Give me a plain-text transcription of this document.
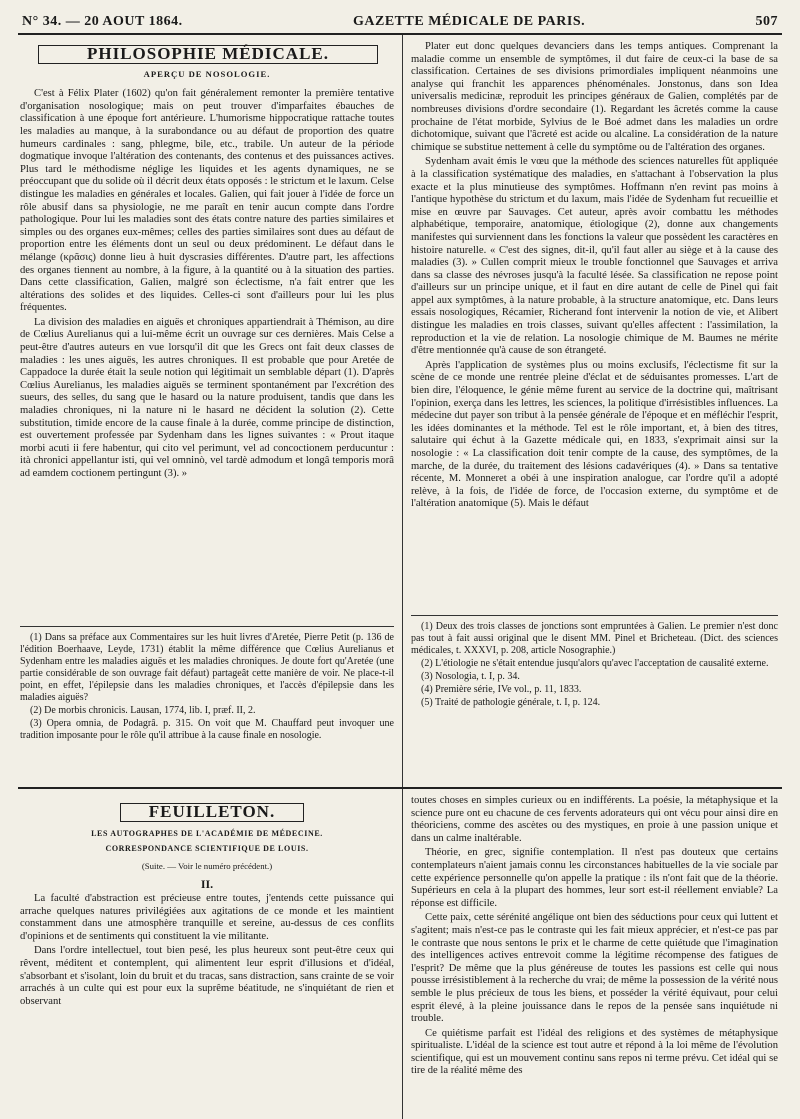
N° 34. — 20 AOUT 1864.	GAZETTE MÉDICALE DE PARIS.	507
PHILOSOPHIE MÉDICALE.
APERÇU DE NOSOLOGIE.

C'est à Félix Plater (1602) qu'on fait généralement remonter la première tentative d'organisation nosologique; mais on peut trouver d'imparfaites ébauches de classification à une époque fort antérieure. L'humorisme hippocratique rattache toutes les maladies au manque, à la surabondance ou au défaut de proportion des quatre humeurs cardinales : sang, phlegme, bile, etc., trabile. Un auteur de la période dogmatique invoque l'altération des contenants, des contenus et des puissances actives. Plus tard le méthodisme néglige les liquides et les agents dynamiques, ne se préoccupant que du solide où il décrit deux états opposés : le strictum et le laxum. Celse distingue les maladies en générales et locales. Galien, qui fait jouer à l'idée de force un rôle abusif dans sa physiologie, ne me paraît en tenir aucun compte dans l'ordre pathologique. Pour lui les maladies sont des états contre nature des parties similaires et simples ou des organes eux-mêmes; celles des parties similaires sont dues au défaut de proportion entre les éléments dont un seul ou deux prédominent. Le défaut dans le mélange (κρᾶσις) donne lieu à huit dyscrasies différentes. D'autre part, les affections des organes tiennent au nombre, à la figure, à la quantité ou à la situation des parties. Dans cette classification, Galien, malgré son éclectisme, n'a fait entrer que les altérations des solides et des liquides. Celles-ci sont d'ailleurs pour lui les plus fréquentes.

La division des maladies en aiguës et chroniques appartiendrait à Thémison, au dire de Cœlius Aurelianus qui a lui-même écrit un ouvrage sur ces dernières. Mais Celse a peut-être d'autres auteurs en vue lorsqu'il dit que les Grecs ont fait deux classes de maladies : les unes aiguës, les autres chroniques. Il est probable que pour Aretée de Cappadoce la durée était la seule notion qui légitimait un semblable départ (1). D'après Cœlius Aurelianus, les maladies aiguës se terminent spontanément par l'excrétion des sueurs, des selles, du sang que le hasard ou la nature produisent, tandis que dans les maladies chroniques, ni la nature ni le hasard ne décident la solution (2). Cette substitution, timide encore de la cause finale à la durée, comme principe de distinction, est ouvertement professée par Sydenham dans les lignes suivantes : « Prout itaque morbi acuti ii fere habentur, qui cito vel perimunt, vel ad concoctionem perducuntur : ità chronici appellantur isti, qui vel omninò, vel tardè admodum et longâ temporis morâ ad eamdem coctionem pertingunt (3). »

(1) Dans sa préface aux Commentaires sur les huit livres d'Aretée, Pierre Petit (p. 136 de l'édition Boerhaave, Leyde, 1731) établit la même différence que Cœlius Aurelianus et Sydenham entre les maladies aiguës et les maladies chroniques. Je doute fort qu'Aretée (une partie considérable de son ouvrage fait défaut) partageât cette manière de voir. Ne place-t-il point, en effet, l'épilepsie dans les maladies chroniques, et l'accès d'épilepsie dans les maladies aiguës?

(2) De morbis chronicis. Lausan, 1774, lib. I, præf. II, 2.

(3) Opera omnia, de Podagrâ. p. 315. On voit que M. Chauffard peut invoquer une tradition imposante pour le rôle qu'il attribue à la cause finale en nosologie.

Plater eut donc quelques devanciers dans les temps antiques. Comprenant la maladie comme un ensemble de symptômes, il dut faire de ceux-ci la base de sa classification. Certaines de ses divisions primordiales impliquent néanmoins une analyse qui franchit les apparences phénoménales. Jonstonus, dans son Idea universalis medicinæ, reproduit les principes généraux de Galien, complétés par de nombreuses divisions d'ordre secondaire (1). Regardant les âcretés comme la cause prochaine de l'état morbide, Sylvius de le Boé admet dans les maladies un ordre dichotomique, suivant que l'âcreté est acide ou alcaline. La considération de la nature chimique se substitue nettement à celle du symptôme ou de l'altération des organes.

Sydenham avait émis le vœu que la méthode des sciences naturelles fût appliquée à la classification systématique des maladies, en s'attachant à l'observation la plus exacte et la plus minutieuse des symptômes. Hoffmann n'en revint pas moins à l'antique hypothèse du strictum et du laxum, mais l'idée de Sydenham fut recueillie et mise en œuvre par Sauvages. Cet auteur, après avoir combattu les méthodes alphabétique, temporaire, anatomique, étiologique (2), donne aux changements manifestes qui surviennent dans les fonctions la valeur que possèdent les caractères en histoire naturelle. « C'est des signes, dit-il, qu'il faut aller au siège et à la cause des maladies (3). » Cullen comprit mieux le trouble fonctionnel que Sauvages et arriva dans sa classe des névroses jusqu'à la faculté lésée. Sa classification ne repose point d'ailleurs sur un principe unique, et il faut en dire autant de celle de Pinel qui fait appel aux symptômes, à la nature probable, à la structure anatomique, etc. Dans leurs essais nosologiques, Récamier, Richerand font intervenir la notion de vie, et Alibert distingue les maladies en trois classes, suivant qu'elles affectent : l'assimilation, la reproduction et la vie de relation. La nosologie chimique de M. Baumes ne mérite d'être mentionnée qu'à cause de son étrangeté.

Après l'application de systèmes plus ou moins exclusifs, l'éclectisme fit sur la scène de ce monde une rentrée pleine d'éclat et de séduisantes promesses. L'art de bien dire, l'éloquence, le génie même furent au service de la doctrine qui, maîtrisant l'opinion, exerça dans les lettres, les sciences, la politique d'irrésistibles influences. La médecine dut payer son tribut à la pensée générale de l'époque et en méfléchir l'esprit, les idées dominantes et la méthode. Tel est le rôle important, et, à bien des titres, salutaire qui échut à la Gazette médicale qui, en 1833, s'exprimait ainsi sur la nosologie : « La classification doit tenir compte de la cause, des symptômes, de la marche, de la durée, du traitement des lésions cadavériques (4). » Dans sa tentative récente, M. Monneret a obéi à une inspiration analogue, car l'ordre qu'il a adopté relève, à la fois, de l'idée de force, de l'occasion externe, du symptôme et de l'altération anatomique (5). Mais le défaut

(1) Deux des trois classes de jonctions sont empruntées à Galien. Le premier n'est donc pas tout à fait aussi original que le disent MM. Pinel et Bricheteau. (Dict. des sciences médicales, t. XXXVI, p. 208, article Nosographie.)

(2) L'étiologie ne s'était entendue jusqu'alors qu'avec l'acceptation de causalité externe.

(3) Nosologia, t. I, p. 34.

(4) Première série, IVe vol., p. 11, 1833.

(5) Traité de pathologie générale, t. I, p. 124.

FEUILLETON.
LES AUTOGRAPHES DE L'ACADÉMIE DE MÉDECINE.
CORRESPONDANCE SCIENTIFIQUE DE LOUIS.
(Suite. — Voir le numéro précédent.)
II.

La faculté d'abstraction est précieuse entre toutes, j'entends cette puissance qui arrache quelques natures privilégiées aux agitations de ce monde et les maintient constamment dans une atmosphère tranquille et sereine, au-dessus de ces conflits d'opinions et de sentiments qui constituent la vie militante.

Dans l'ordre intellectuel, tout bien pesé, les plus heureux sont peut-être ceux qui rêvent, méditent et contemplent, qui alimentent leur esprit d'illusions et d'idéal, s'absorbant et s'isolant, loin du bruit et du tracas, sans distraction, sans crainte de se voir arrachés à un culte qui est pour eux la suprême béatitude, ne s'inquiétant de rien et observant

toutes choses en simples curieux ou en indifférents. La poésie, la métaphysique et la science pure ont eu chacune de ces fervents adorateurs qui ont vécu pour ainsi dire en théoriciens, comme des ascètes ou des mystiques, en proie à une passion unique et dans un calme inaltérable.

Théorie, en grec, signifie contemplation. Il n'est pas douteux que certains contemplateurs n'aient jamais connu les circonstances habituelles de la vie sociale par cette expérience personnelle qu'on appelle la pratique : ils n'ont fait que de la théorie. Supérieurs en cela à la plupart des hommes, leur sort est-il réellement enviable? La réponse est difficile.

Cette paix, cette sérénité angélique ont bien des séductions pour ceux qui luttent et s'agitent; mais n'est-ce pas le contraste qui les fait mieux apprécier, et n'est-ce pas par le contraste que nous sentons le prix et le charme de cette quiétude que l'imagination des intelligences actives entrevoit comme la légitime récompense des fatigues de l'esprit? De même que la plus généreuse de toutes les passions est celle qui nous pousse irrésistiblement à la recherche du vrai; de même la possession de la vérité nous semble le plus précieux de tous les biens, et posséder la vérité équivaut, pour celui esprit élevé, à la pleine jouissance dans le repos de la pensée sans inquiétude ni trouble.

Ce quiétisme parfait est l'idéal des religions et des systèmes de métaphysique spiritualiste. L'idéal de la science est tout autre et répond à la loi même de l'évolution scientifique, qui est un mouvement continu sans repos ni terme prévu. Cet idéal qui se tire de la réalité même des
